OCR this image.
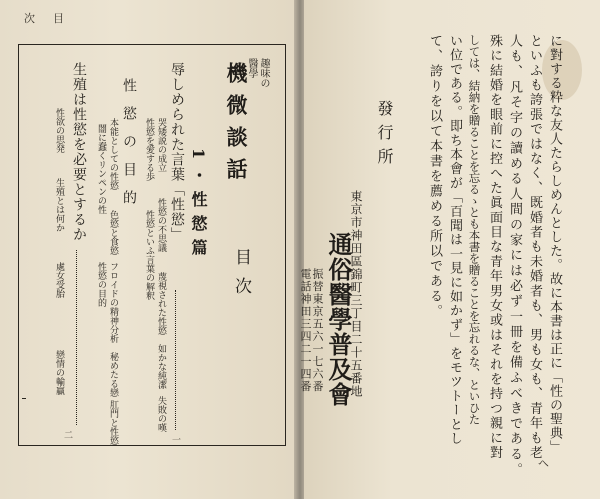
次目
趣味の
醫學
機微談話
目次
1・性慾篇
辱しめられた言葉「性慾」
哭矮説の成立
性慾の不思議
蔑視された性慾
如かな純潔
失敗の嘆
性慾を愛する歩
性慾といふ言葉の解釈
一
性慾の目的
本能としての性慾
色慾と食慾
フロイドの精神分析
秘めたる戀
肛門と性慾
闇に蠢くリンペンの性
性慾の目的
生殖は性慾を必要とするか
性欲の思発
生殖とは何か
處女受胎
戀情の輸贏
二	に對する粋な友人たらしめんとした。故に本書は正に「性の聖典」
といふも誇張ではなく、既婚者も未婚者も、男も女も、青年も老
人も、凡そ字の讀める人間の家には必ず一冊を備ふべきである。
殊に結婚を眼前に控へた眞面目な青年男女或はそれを持つ親に對
しては、結納を贈ることを忘るゝとも本書を贈ることを忘れるな、といひた
い位である。即ち本會が「百聞は一見に如かず」をモツトーとし
て、誇りを以て本書を薦める所以である。
發行所
東京市神田區錦町三丁目二十五番地
通俗醫學普及會
振替東京五六一七六番
電話神田三四二一四番
ヘ
